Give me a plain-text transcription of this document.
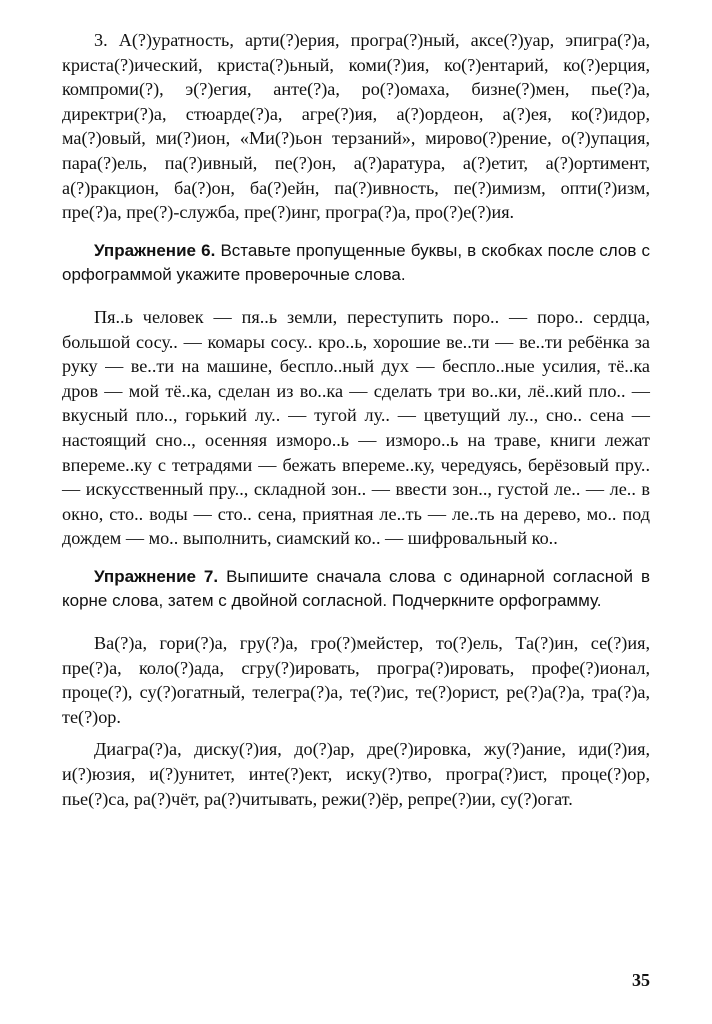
3. А(?)уратность, арти(?)ерия, програ(?)ный, аксе(?)уар, эпигра(?)а, криста(?)ический, криста(?)ьный, коми(?)ия, ко(?)ентарий, ко(?)ерция, компроми(?), э(?)егия, анте(?)а, ро(?)омаха, бизне(?)мен, пье(?)а, директри(?)а, стюарде(?)а, агре(?)ия, а(?)ордеон, а(?)ея, ко(?)идор, ма(?)овый, ми(?)ион, «Ми(?)ьон терзаний», мирово(?)рение, о(?)упация, пара(?)ель, па(?)ивный, пе(?)он, а(?)аратура, а(?)етит, а(?)ортимент, а(?)ракцион, ба(?)он, ба(?)ейн, па(?)ивность, пе(?)имизм, опти(?)изм, пре(?)а, пре(?)-служба, пре(?)инг, програ(?)а, про(?)е(?)ия.

Упражнение 6. Вставьте пропущенные буквы, в скобках после слов с орфограммой укажите проверочные слова.

Пя..ь человек — пя..ь земли, переступить поро.. — поро.. сердца, большой сосу.. — комары сосу.. кро..ь, хорошие ве..ти — ве..ти ребёнка за руку — ве..ти на машине, беспло..ный дух — беспло..ные усилия, тё..ка дров — мой тё..ка, сделан из во..ка — сделать три во..ки, лё..кий пло.. — вкусный пло.., горький лу.. — тугой лу.. — цветущий лу.., сно.. сена — настоящий сно.., осенняя изморо..ь — изморо..ь на траве, книги лежат впереме..ку с тетрадями — бежать впереме..ку, чередуясь, берёзовый пру.. — искусственный пру.., складной зон.. — ввести зон.., густой ле.. — ле.. в окно, сто.. воды — сто.. сена, приятная ле..ть — ле..ть на дерево, мо.. под дождем — мо.. выполнить, сиамский ко.. — шифровальный ко..

Упражнение 7. Выпишите сначала слова с одинарной согласной в корне слова, затем с двойной согласной. Подчеркните орфограмму.

Ва(?)а, гори(?)а, гру(?)а, гро(?)мейстер, то(?)ель, Та(?)ин, се(?)ия, пре(?)а, коло(?)ада, сгру(?)ировать, програ(?)ировать, профе(?)ионал, проце(?), су(?)огатный, телегра(?)а, те(?)ис, те(?)орист, ре(?)а(?)а, тра(?)а, те(?)ор.

Диагра(?)а, диску(?)ия, до(?)ар, дре(?)ировка, жу(?)ание, иди(?)ия, и(?)юзия, и(?)унитет, инте(?)ект, иску(?)тво, програ(?)ист, проце(?)ор, пье(?)са, ра(?)чёт, ра(?)читывать, режи(?)ёр, репре(?)ии, су(?)огат.

35
